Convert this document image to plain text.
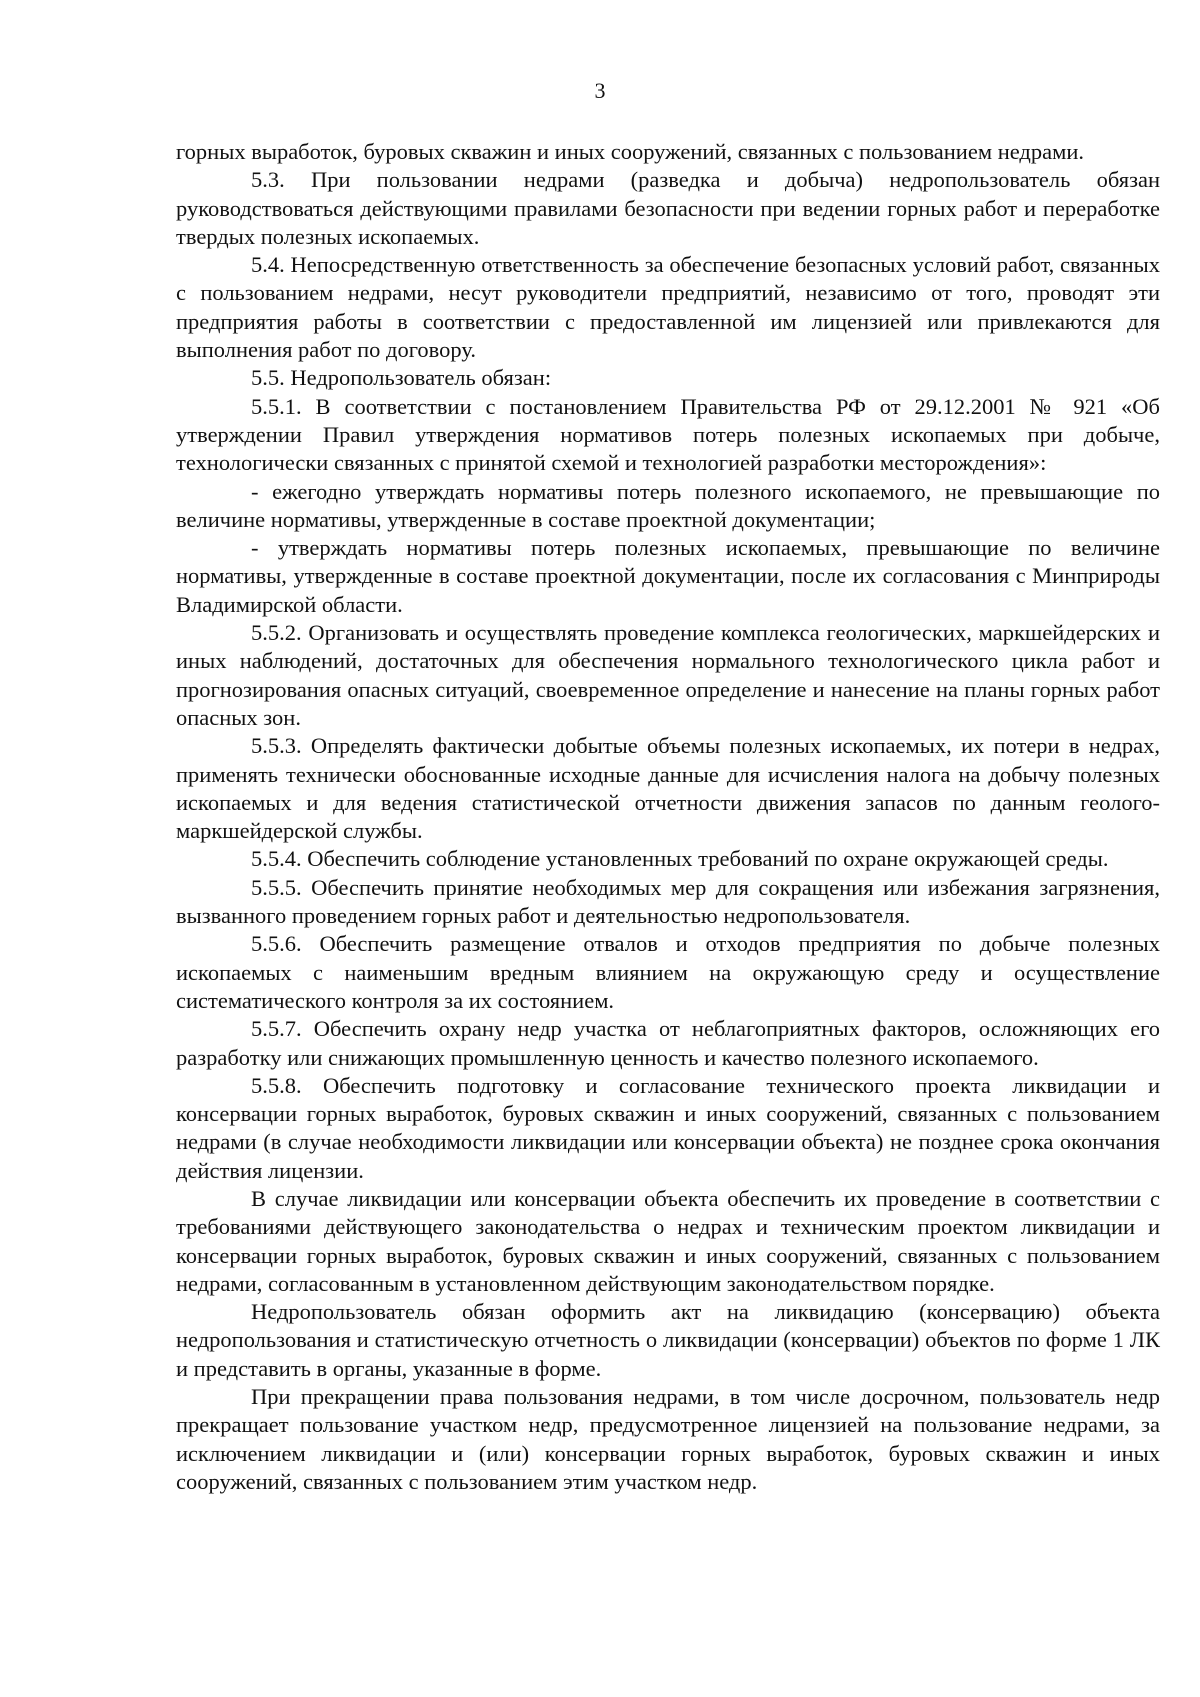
3

горных выработок, буровых скважин и иных сооружений, связанных с пользованием недрами.

5.3. При пользовании недрами (разведка и добыча) недропользователь обязан руководствоваться действующими правилами безопасности при ведении горных работ и переработке твердых полезных ископаемых.

5.4. Непосредственную ответственность за обеспечение безопасных условий работ, связанных с пользованием недрами, несут руководители предприятий, независимо от того, проводят эти предприятия работы в соответствии с предоставленной им лицензией или привлекаются для выполнения работ по договору.

5.5. Недропользователь обязан:

5.5.1. В соответствии с постановлением Правительства РФ от 29.12.2001 № 921 «Об утверждении Правил утверждения нормативов потерь полезных ископаемых при добыче, технологически связанных с принятой схемой и технологией разработки месторождения»:

- ежегодно утверждать нормативы потерь полезного ископаемого, не превышающие по величине нормативы, утвержденные в составе проектной документации;

- утверждать нормативы потерь полезных ископаемых, превышающие по величине нормативы, утвержденные в составе проектной документации, после их согласования с Минприроды Владимирской области.

5.5.2. Организовать и осуществлять проведение комплекса геологических, маркшейдерских и иных наблюдений, достаточных для обеспечения нормального технологического цикла работ и прогнозирования опасных ситуаций, своевременное определение и нанесение на планы горных работ опасных зон.

5.5.3. Определять фактически добытые объемы полезных ископаемых, их потери в недрах, применять технически обоснованные исходные данные для исчисления налога на добычу полезных ископаемых и для ведения статистической отчетности движения запасов по данным геолого-маркшейдерской службы.

5.5.4. Обеспечить соблюдение установленных требований по охране окружающей среды.

5.5.5. Обеспечить принятие необходимых мер для сокращения или избежания загрязнения, вызванного проведением горных работ и деятельностью недропользователя.

5.5.6. Обеспечить размещение отвалов и отходов предприятия по добыче полезных ископаемых с наименьшим вредным влиянием на окружающую среду и осуществление систематического контроля за их состоянием.

5.5.7. Обеспечить охрану недр участка от неблагоприятных факторов, осложняющих его разработку или снижающих промышленную ценность и качество полезного ископаемого.

5.5.8. Обеспечить подготовку и согласование технического проекта ликвидации и консервации горных выработок, буровых скважин и иных сооружений, связанных с пользованием недрами (в случае необходимости ликвидации или консервации объекта) не позднее срока окончания действия лицензии.

В случае ликвидации или консервации объекта обеспечить их проведение в соответствии с требованиями действующего законодательства о недрах и техническим проектом ликвидации и консервации горных выработок, буровых скважин и иных сооружений, связанных с пользованием недрами, согласованным в установленном действующим законодательством порядке.

Недропользователь обязан оформить акт на ликвидацию (консервацию) объекта недропользования и статистическую отчетность о ликвидации (консервации) объектов по форме 1 ЛК и представить в органы, указанные в форме.

При прекращении права пользования недрами, в том числе досрочном, пользователь недр прекращает пользование участком недр, предусмотренное лицензией на пользование недрами, за исключением ликвидации и (или) консервации горных выработок, буровых скважин и иных сооружений, связанных с пользованием этим участком недр.
